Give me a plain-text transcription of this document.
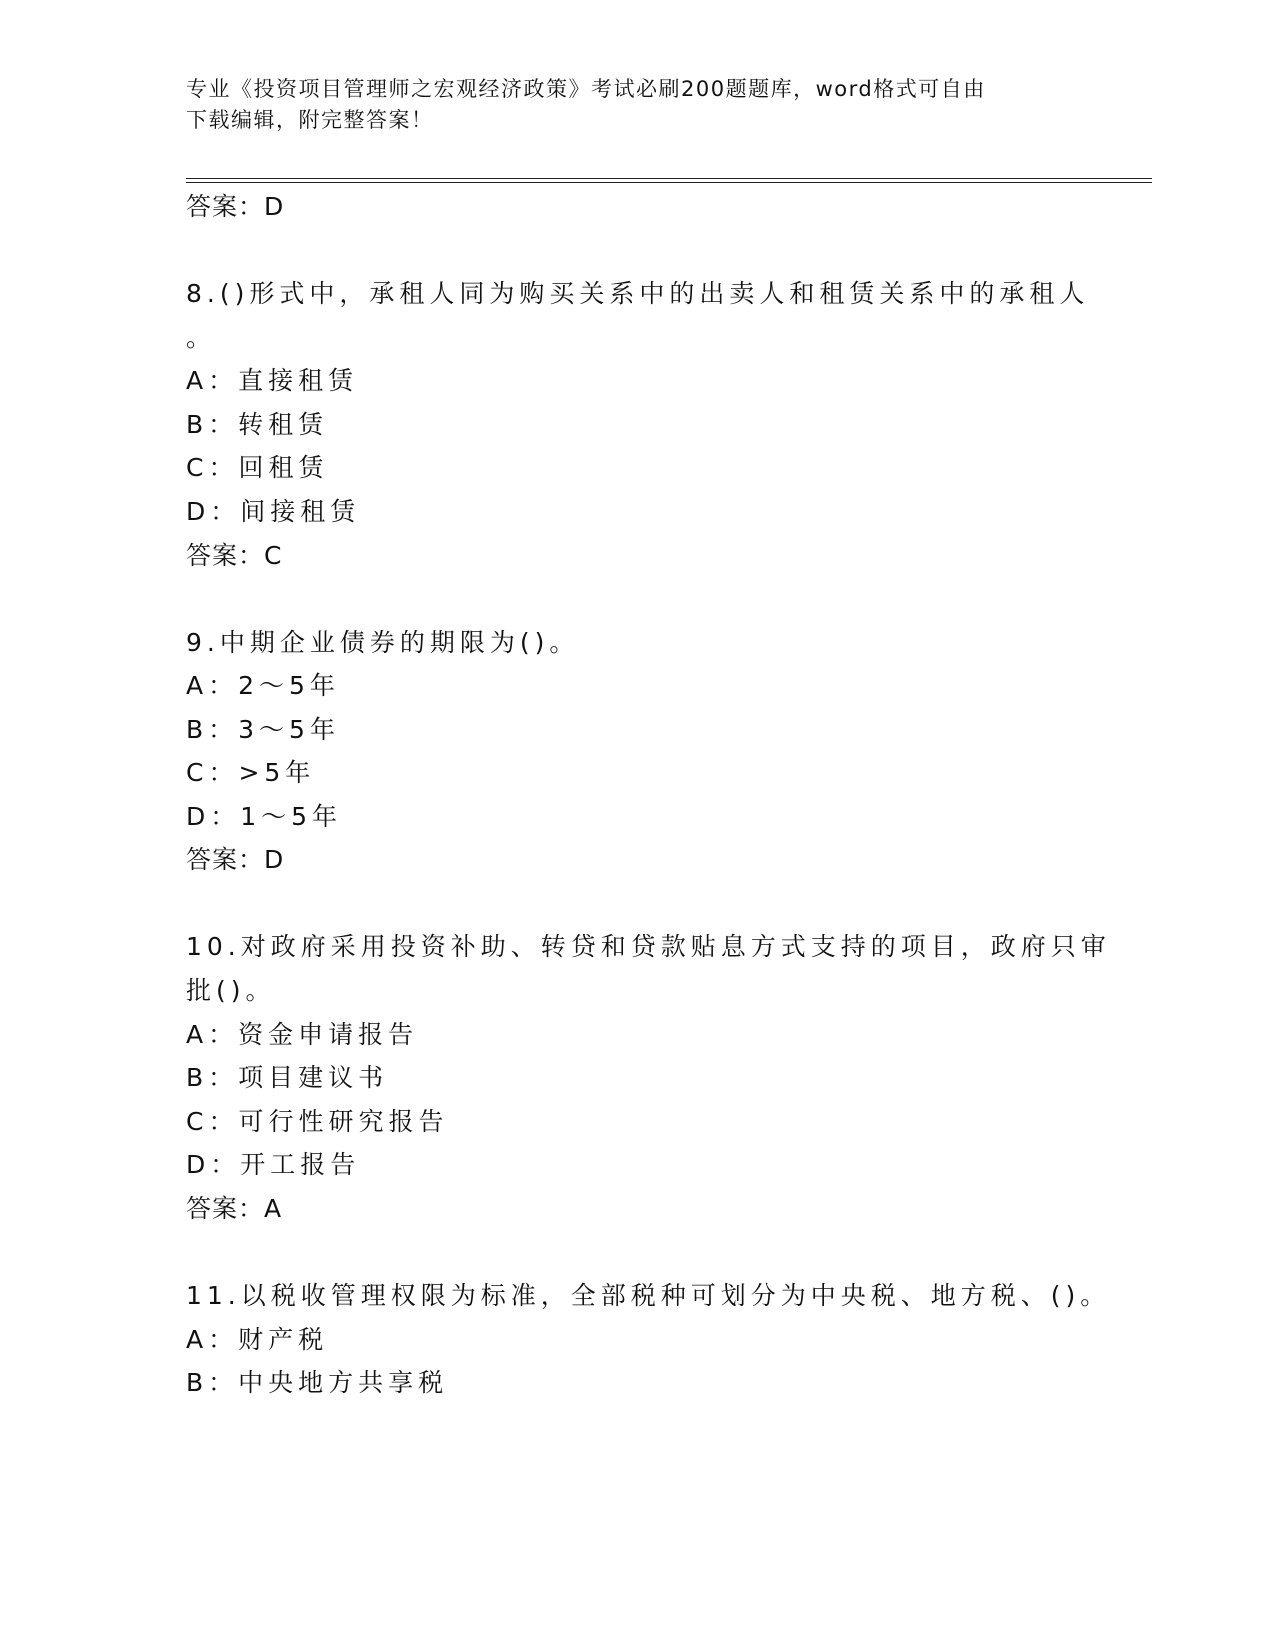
专业《投资项目管理师之宏观经济政策》考试必刷200题题库，word格式可自由
下载编辑，附完整答案！
答案：D
8.()形式中，承租人同为购买关系中的出卖人和租赁关系中的承租人
。
A：直接租赁
B：转租赁
C：回租赁
D：间接租赁
答案：C
9.中期企业债券的期限为()。
A：2～5年
B：3～5年
C：>5年
D：1～5年
答案：D
10.对政府采用投资补助、转贷和贷款贴息方式支持的项目，政府只审
批()。
A：资金申请报告
B：项目建议书
C：可行性研究报告
D：开工报告
答案：A
11.以税收管理权限为标准，全部税种可划分为中央税、地方税、()。
A：财产税
B：中央地方共享税
